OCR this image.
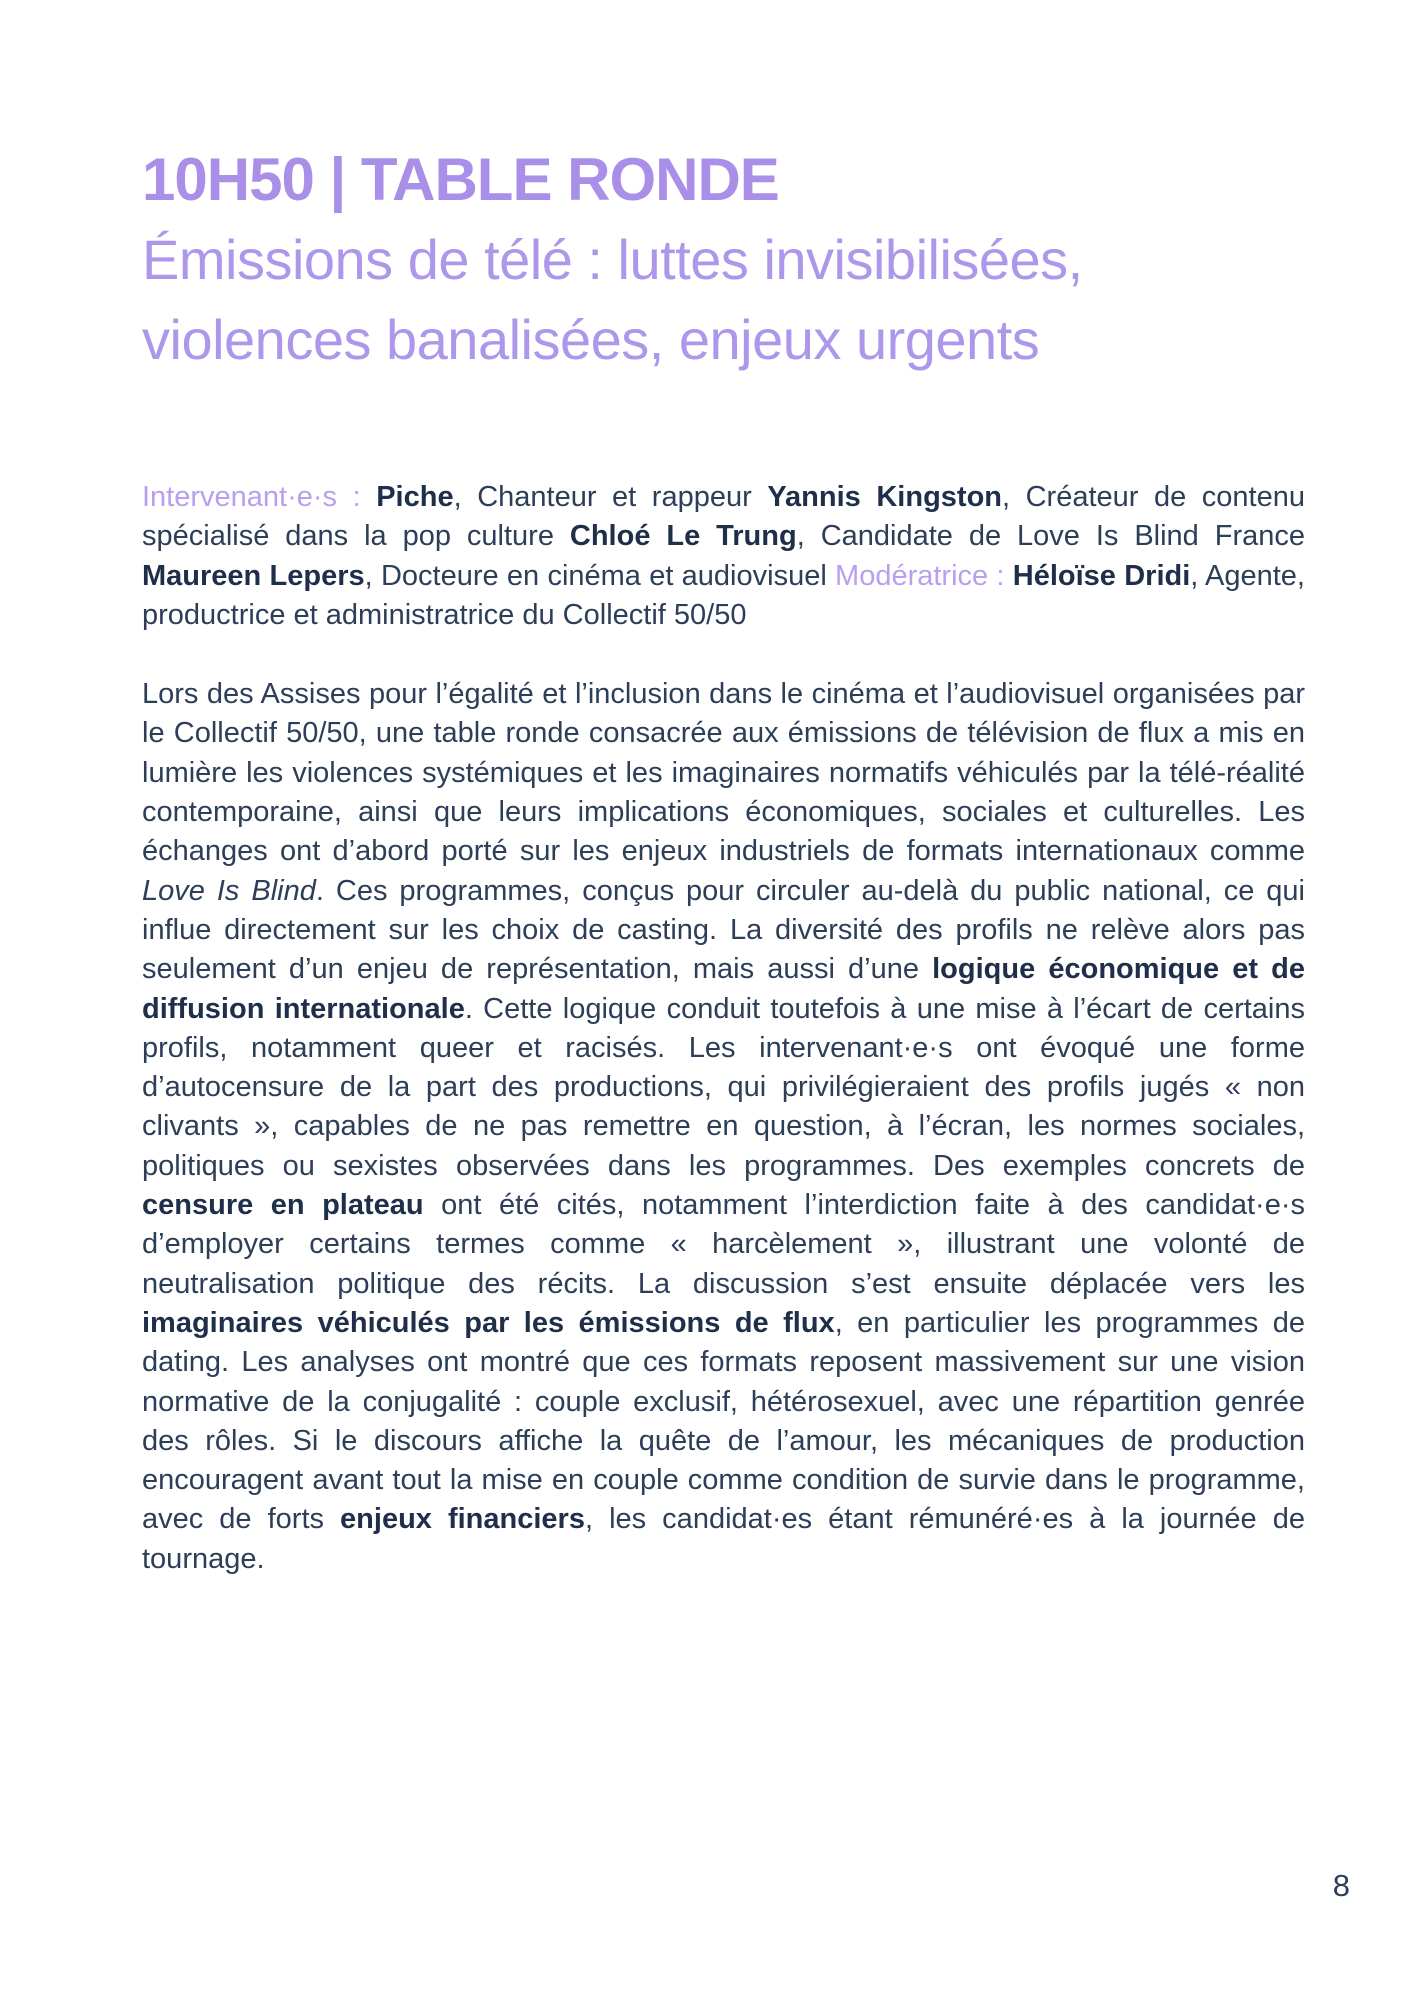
10H50 | TABLE RONDE
Émissions de télé : luttes invisibilisées,
violences banalisées, enjeux urgents
Intervenant·e·s : Piche, Chanteur et rappeur Yannis Kingston, Créateur de contenu spécialisé dans la pop culture Chloé Le Trung, Candidate de Love Is Blind France Maureen Lepers, Docteure en cinéma et audiovisuel Modératrice : Héloïse Dridi, Agente, productrice et administratrice du Collectif 50/50
Lors des Assises pour l’égalité et l’inclusion dans le cinéma et l’audiovisuel organisées par le Collectif 50/50, une table ronde consacrée aux émissions de télévision de flux a mis en lumière les violences systémiques et les imaginaires normatifs véhiculés par la télé-réalité contemporaine, ainsi que leurs implications économiques, sociales et culturelles. Les échanges ont d’abord porté sur les enjeux industriels de formats internationaux comme Love Is Blind. Ces programmes, conçus pour circuler au-delà du public national, ce qui influe directement sur les choix de casting. La diversité des profils ne relève alors pas seulement d’un enjeu de représentation, mais aussi d’une logique économique et de diffusion internationale. Cette logique conduit toutefois à une mise à l’écart de certains profils, notamment queer et racisés. Les intervenant·e·s ont évoqué une forme d’autocensure de la part des productions, qui privilégieraient des profils jugés « non clivants », capables de ne pas remettre en question, à l’écran, les normes sociales, politiques ou sexistes observées dans les programmes. Des exemples concrets de censure en plateau ont été cités, notamment l’interdiction faite à des candidat·e·s d’employer certains termes comme « harcèlement », illustrant une volonté de neutralisation politique des récits. La discussion s’est ensuite déplacée vers les imaginaires véhiculés par les émissions de flux, en particulier les programmes de dating. Les analyses ont montré que ces formats reposent massivement sur une vision normative de la conjugalité : couple exclusif, hétérosexuel, avec une répartition genrée des rôles. Si le discours affiche la quête de l’amour, les mécaniques de production encouragent avant tout la mise en couple comme condition de survie dans le programme, avec de forts enjeux financiers, les candidat·es étant rémunéré·es à la journée de tournage.
8
